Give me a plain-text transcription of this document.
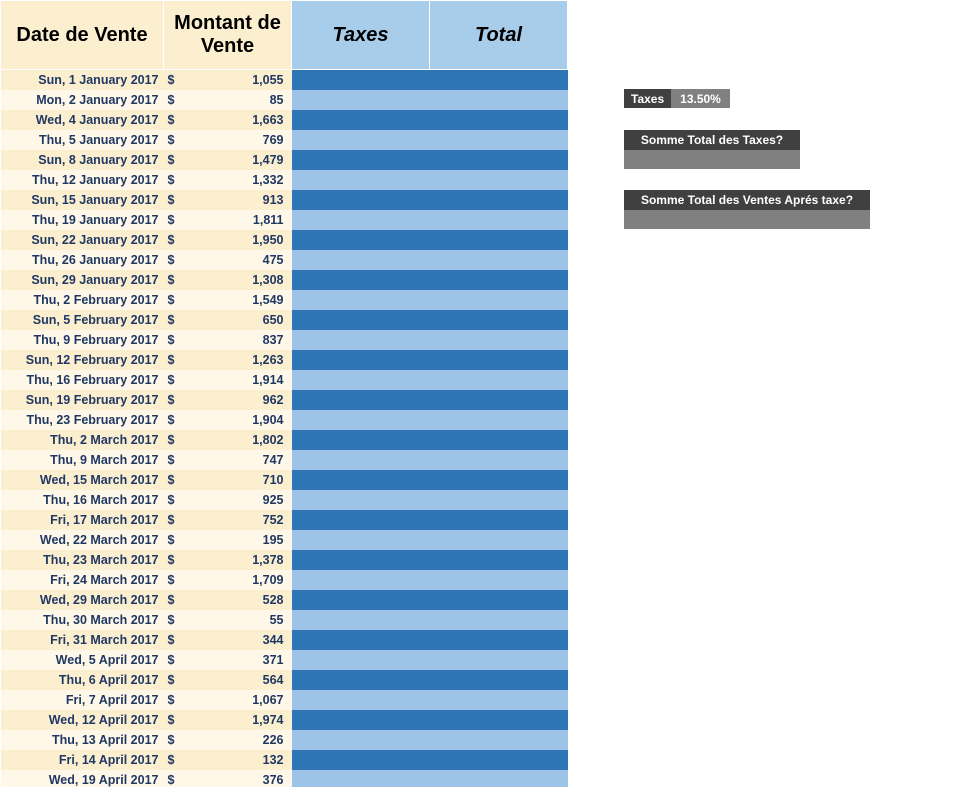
Date de Vente	Montant de Vente	Taxes	Total
Sun, 1 January 2017	$ 1,055		

Mon, 2 January 2017	$ 85		

Wed, 4 January 2017	$ 1,663		

Thu, 5 January 2017	$ 769		

Sun, 8 January 2017	$ 1,479		

Thu, 12 January 2017	$ 1,332		

Sun, 15 January 2017	$ 913		

Thu, 19 January 2017	$ 1,811		

Sun, 22 January 2017	$ 1,950		

Thu, 26 January 2017	$ 475		

Sun, 29 January 2017	$ 1,308		

Thu, 2 February 2017	$ 1,549		

Sun, 5 February 2017	$ 650		

Thu, 9 February 2017	$ 837		

Sun, 12 February 2017	$ 1,263		

Thu, 16 February 2017	$ 1,914		

Sun, 19 February 2017	$ 962		

Thu, 23 February 2017	$ 1,904		

Thu, 2 March 2017	$ 1,802		

Thu, 9 March 2017	$ 747		

Wed, 15 March 2017	$ 710		

Thu, 16 March 2017	$ 925		

Fri, 17 March 2017	$ 752		

Wed, 22 March 2017	$ 195		

Thu, 23 March 2017	$ 1,378		

Fri, 24 March 2017	$ 1,709		

Wed, 29 March 2017	$ 528		

Thu, 30 March 2017	$ 55		

Fri, 31 March 2017	$ 344		

Wed, 5 April 2017	$ 371		

Thu, 6 April 2017	$ 564		

Fri, 7 April 2017	$ 1,067		

Wed, 12 April 2017	$ 1,974		

Thu, 13 April 2017	$ 226		

Fri, 14 April 2017	$ 132		

Wed, 19 April 2017	$ 376		

Taxes	13.50%
Somme Total des Taxes?
Somme Total des Ventes Aprés taxe?
